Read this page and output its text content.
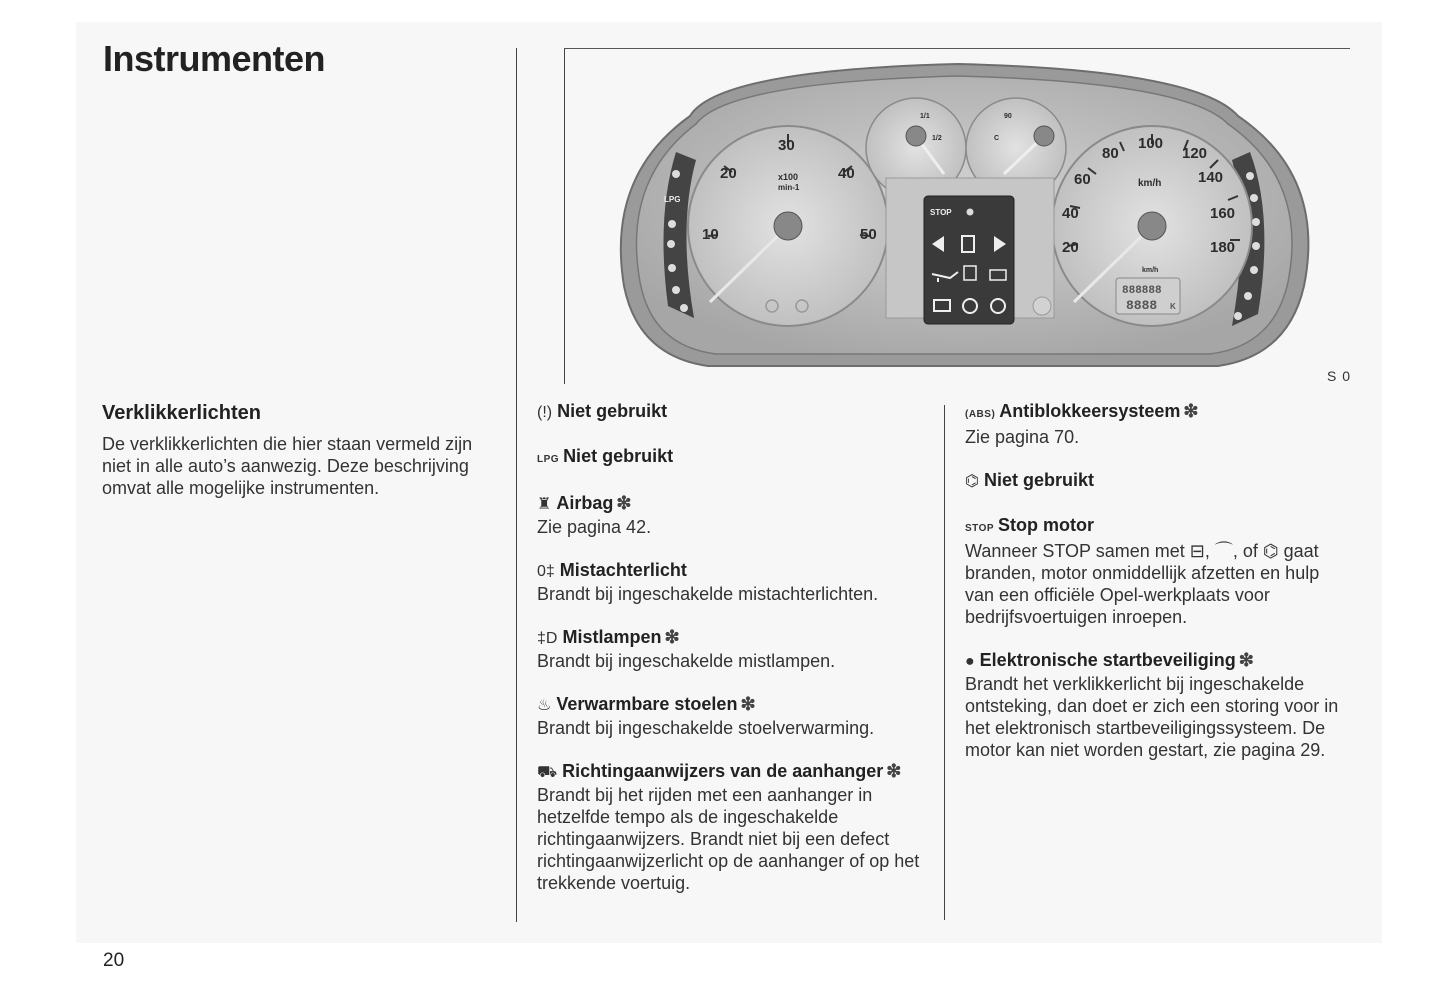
Instrumenten
10
20
30
40
50
x100
min-1
20
40
60
80
100
120
140
160
180
km/h
km/h
1/1
1/2	C
90
888888
8888 K
STOP
LPG
S 0
Verklikkerlichten

De verklikkerlichten die hier staan vermeld zijn niet in alle auto’s aanwezig. Deze beschrijving omvat alle mogelijke instrumenten.

(!) Niet gebruikt

LPG Niet gebruikt

♜ Airbag ❇

Zie pagina 42.

0‡ Mistachterlicht

Brandt bij ingeschakelde mistachterlichten.

‡D Mistlampen ❇

Brandt bij ingeschakelde mistlampen.

♨ Verwarmbare stoelen ❇

Brandt bij ingeschakelde stoelverwarming.

⛟ Richtingaanwijzers van de aanhanger ❇

Brandt bij het rijden met een aanhanger in hetzelfde tempo als de ingeschakelde richtingaanwijzers. Brandt niet bij een defect richtingaanwijzerlicht op de aanhanger of op het trekkende voertuig.

(ABS) Antiblokkeersysteem ❇

Zie pagina 70.

⌬ Niet gebruikt

STOP Stop motor

Wanneer STOP samen met ⊟, ⌒, of ⌬ gaat branden, motor onmiddellijk afzetten en hulp van een officiële Opel-werkplaats voor bedrijfsvoertuigen inroepen.

● Elektronische startbeveiliging ❇

Brandt het verklikkerlicht bij ingeschakelde ontsteking, dan doet er zich een storing voor in het elektronisch startbeveiligingssysteem. De motor kan niet worden gestart, zie pagina 29.

20
